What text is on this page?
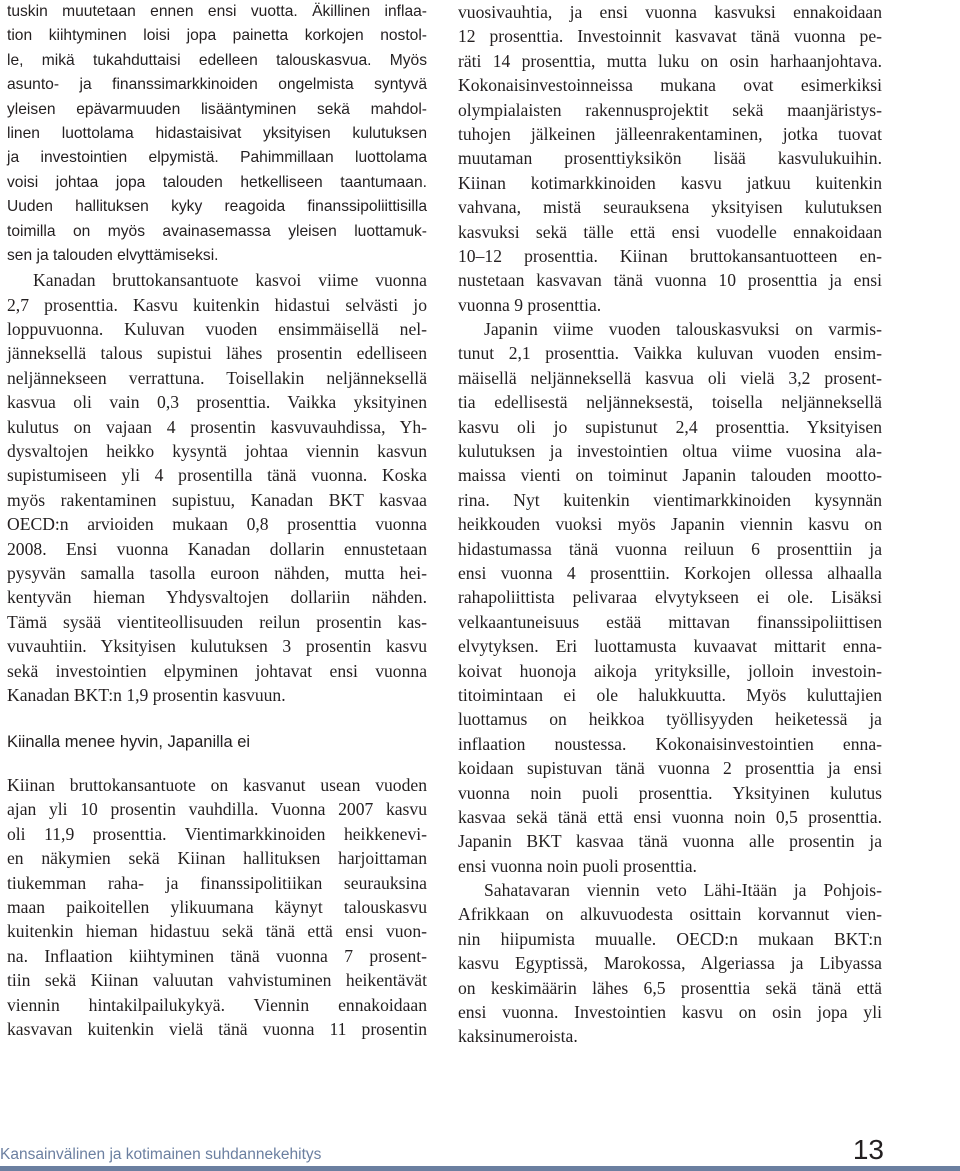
tuskin muutetaan ennen ensi vuotta. Äkillinen inflaa-
tion kiihtyminen loisi jopa painetta korkojen nostol-
le, mikä tukahduttaisi edelleen talouskasvua. Myös
asunto- ja finanssimarkkinoiden ongelmista syntyvä
yleisen epävarmuuden lisääntyminen sekä mahdol-
linen luottolama hidastaisivat yksityisen kulutuksen
ja investointien elpymistä. Pahimmillaan luottolama
voisi johtaa jopa talouden hetkelliseen taantumaan.
Uuden hallituksen kyky reagoida finanssipoliittisilla
toimilla on myös avainasemassa yleisen luottamuk-
sen ja talouden elvyttämiseksi.
Kanadan bruttokansantuote kasvoi viime vuonna
2,7 prosenttia. Kasvu kuitenkin hidastui selvästi jo
loppuvuonna. Kuluvan vuoden ensimmäisellä nel-
jänneksellä talous supistui lähes prosentin edelliseen
neljännekseen verrattuna. Toisellakin neljänneksellä
kasvua oli vain 0,3 prosenttia. Vaikka yksityinen
kulutus on vajaan 4 prosentin kasvuvauhdissa, Yh-
dysvaltojen heikko kysyntä johtaa viennin kasvun
supistumiseen yli 4 prosentilla tänä vuonna. Koska
myös rakentaminen supistuu, Kanadan BKT kasvaa
OECD:n arvioiden mukaan 0,8 prosenttia vuonna
2008. Ensi vuonna Kanadan dollarin ennustetaan
pysyvän samalla tasolla euroon nähden, mutta hei-
kentyvän hieman Yhdysvaltojen dollariin nähden.
Tämä sysää vientiteollisuuden reilun prosentin kas-
vuvauhtiin. Yksityisen kulutuksen 3 prosentin kasvu
sekä investointien elpyminen johtavat ensi vuonna
Kanadan BKT:n 1,9 prosentin kasvuun.
Kiinalla menee hyvin, Japanilla ei
Kiinan bruttokansantuote on kasvanut usean vuoden
ajan yli 10 prosentin vauhdilla. Vuonna 2007 kasvu
oli 11,9 prosenttia. Vientimarkkinoiden heikkenevi-
en näkymien sekä Kiinan hallituksen harjoittaman
tiukemman raha- ja finanssipolitiikan seurauksina
maan paikoitellen ylikuumana käynyt talouskasvu
kuitenkin hieman hidastuu sekä tänä että ensi vuon-
na. Inflaation kiihtyminen tänä vuonna 7 prosent-
tiin sekä Kiinan valuutan vahvistuminen heikentävät
viennin hintakilpailukykyä. Viennin ennakoidaan
kasvavan kuitenkin vielä tänä vuonna 11 prosentin
vuosivauhtia, ja ensi vuonna kasvuksi ennakoidaan
12 prosenttia. Investoinnit kasvavat tänä vuonna pe-
räti 14 prosenttia, mutta luku on osin harhaanjohtava.
Kokonaisinvestoinneissa mukana ovat esimerkiksi
olympialaisten rakennusprojektit sekä maanjäristys-
tuhojen jälkeinen jälleenrakentaminen, jotka tuovat
muutaman prosenttiyksikön lisää kasvulukuihin.
Kiinan kotimarkkinoiden kasvu jatkuu kuitenkin
vahvana, mistä seurauksena yksityisen kulutuksen
kasvuksi sekä tälle että ensi vuodelle ennakoidaan
10–12 prosenttia. Kiinan bruttokansantuotteen en-
nustetaan kasvavan tänä vuonna 10 prosenttia ja ensi
vuonna 9 prosenttia.
Japanin viime vuoden talouskasvuksi on varmis-
tunut 2,1 prosenttia. Vaikka kuluvan vuoden ensim-
mäisellä neljänneksellä kasvua oli vielä 3,2 prosent-
tia edellisestä neljänneksestä, toisella neljänneksellä
kasvu oli jo supistunut 2,4 prosenttia. Yksityisen
kulutuksen ja investointien oltua viime vuosina ala-
maissa vienti on toiminut Japanin talouden mootto-
rina. Nyt kuitenkin vientimarkkinoiden kysynnän
heikkouden vuoksi myös Japanin viennin kasvu on
hidastumassa tänä vuonna reiluun 6 prosenttiin ja
ensi vuonna 4 prosenttiin. Korkojen ollessa alhaalla
rahapoliittista pelivaraa elvytykseen ei ole. Lisäksi
velkaantuneisuus estää mittavan finanssipoliittisen
elvytyksen. Eri luottamusta kuvaavat mittarit enna-
koivat huonoja aikoja yrityksille, jolloin investoin-
titoimintaan ei ole halukkuutta. Myös kuluttajien
luottamus on heikkoa työllisyyden heiketessä ja
inflaation noustessa. Kokonaisinvestointien enna-
koidaan supistuvan tänä vuonna 2 prosenttia ja ensi
vuonna noin puoli prosenttia. Yksityinen kulutus
kasvaa sekä tänä että ensi vuonna noin 0,5 prosenttia.
Japanin BKT kasvaa tänä vuonna alle prosentin ja
ensi vuonna noin puoli prosenttia.
Sahatavaran viennin veto Lähi-Itään ja Pohjois-
Afrikkaan on alkuvuodesta osittain korvannut vien-
nin hiipumista muualle. OECD:n mukaan BKT:n
kasvu Egyptissä, Marokossa, Algeriassa ja Libyassa
on keskimäärin lähes 6,5 prosenttia sekä tänä että
ensi vuonna. Investointien kasvu on osin jopa yli
kaksinumeroista.
Kansainvälinen ja kotimainen suhdannekehitys	13
